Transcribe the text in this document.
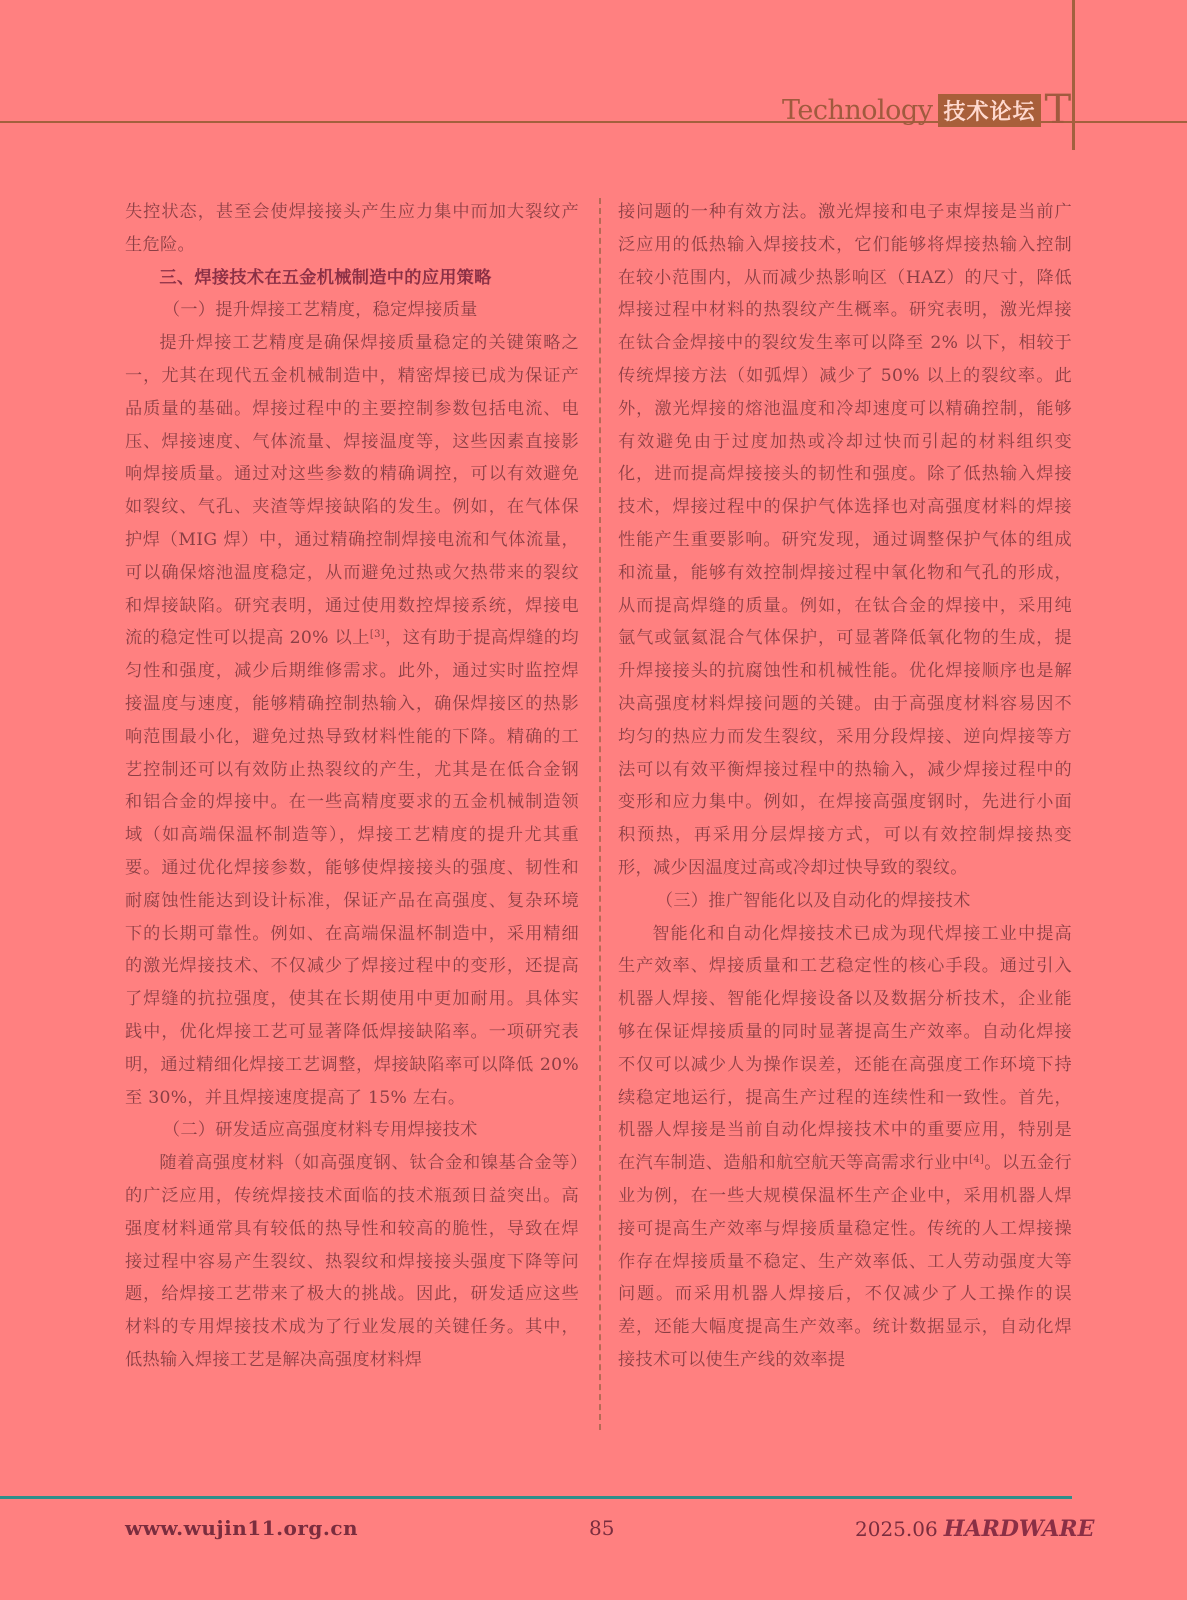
Technology 技术论坛 T

失控状态，甚至会使焊接接头产生应力集中而加大裂纹产生危险。

三、焊接技术在五金机械制造中的应用策略

（一）提升焊接工艺精度，稳定焊接质量

提升焊接工艺精度是确保焊接质量稳定的关键策略之一，尤其在现代五金机械制造中，精密焊接已成为保证产品质量的基础。焊接过程中的主要控制参数包括电流、电压、焊接速度、气体流量、焊接温度等，这些因素直接影响焊接质量。通过对这些参数的精确调控，可以有效避免如裂纹、气孔、夹渣等焊接缺陷的发生。例如，在气体保护焊（MIG 焊）中，通过精确控制焊接电流和气体流量，可以确保熔池温度稳定，从而避免过热或欠热带来的裂纹和焊接缺陷。研究表明，通过使用数控焊接系统，焊接电流的稳定性可以提高 20% 以上[3]，这有助于提高焊缝的均匀性和强度，减少后期维修需求。此外，通过实时监控焊接温度与速度，能够精确控制热输入，确保焊接区的热影响范围最小化，避免过热导致材料性能的下降。精确的工艺控制还可以有效防止热裂纹的产生，尤其是在低合金钢和铝合金的焊接中。在一些高精度要求的五金机械制造领域（如高端保温杯制造等），焊接工艺精度的提升尤其重要。通过优化焊接参数，能够使焊接接头的强度、韧性和耐腐蚀性能达到设计标准，保证产品在高强度、复杂环境下的长期可靠性。例如、在高端保温杯制造中，采用精细的激光焊接技术、不仅减少了焊接过程中的变形，还提高了焊缝的抗拉强度，使其在长期使用中更加耐用。具体实践中，优化焊接工艺可显著降低焊接缺陷率。一项研究表明，通过精细化焊接工艺调整，焊接缺陷率可以降低 20% 至 30%，并且焊接速度提高了 15% 左右。

（二）研发适应高强度材料专用焊接技术

随着高强度材料（如高强度钢、钛合金和镍基合金等）的广泛应用，传统焊接技术面临的技术瓶颈日益突出。高强度材料通常具有较低的热导性和较高的脆性，导致在焊接过程中容易产生裂纹、热裂纹和焊接接头强度下降等问题，给焊接工艺带来了极大的挑战。因此，研发适应这些材料的专用焊接技术成为了行业发展的关键任务。其中，低热输入焊接工艺是解决高强度材料焊

接问题的一种有效方法。激光焊接和电子束焊接是当前广泛应用的低热输入焊接技术，它们能够将焊接热输入控制在较小范围内，从而减少热影响区（HAZ）的尺寸，降低焊接过程中材料的热裂纹产生概率。研究表明，激光焊接在钛合金焊接中的裂纹发生率可以降至 2% 以下，相较于传统焊接方法（如弧焊）减少了 50% 以上的裂纹率。此外，激光焊接的熔池温度和冷却速度可以精确控制，能够有效避免由于过度加热或冷却过快而引起的材料组织变化，进而提高焊接接头的韧性和强度。除了低热输入焊接技术，焊接过程中的保护气体选择也对高强度材料的焊接性能产生重要影响。研究发现，通过调整保护气体的组成和流量，能够有效控制焊接过程中氧化物和气孔的形成，从而提高焊缝的质量。例如，在钛合金的焊接中，采用纯氩气或氩氦混合气体保护，可显著降低氧化物的生成，提升焊接接头的抗腐蚀性和机械性能。优化焊接顺序也是解决高强度材料焊接问题的关键。由于高强度材料容易因不均匀的热应力而发生裂纹，采用分段焊接、逆向焊接等方法可以有效平衡焊接过程中的热输入，减少焊接过程中的变形和应力集中。例如，在焊接高强度钢时，先进行小面积预热，再采用分层焊接方式，可以有效控制焊接热变形，减少因温度过高或冷却过快导致的裂纹。

（三）推广智能化以及自动化的焊接技术

智能化和自动化焊接技术已成为现代焊接工业中提高生产效率、焊接质量和工艺稳定性的核心手段。通过引入机器人焊接、智能化焊接设备以及数据分析技术，企业能够在保证焊接质量的同时显著提高生产效率。自动化焊接不仅可以减少人为操作误差，还能在高强度工作环境下持续稳定地运行，提高生产过程的连续性和一致性。首先，机器人焊接是当前自动化焊接技术中的重要应用，特别是在汽车制造、造船和航空航天等高需求行业中[4]。以五金行业为例，在一些大规模保温杯生产企业中，采用机器人焊接可提高生产效率与焊接质量稳定性。传统的人工焊接操作存在焊接质量不稳定、生产效率低、工人劳动强度大等问题。而采用机器人焊接后，不仅减少了人工操作的误差，还能大幅度提高生产效率。统计数据显示，自动化焊接技术可以使生产线的效率提

www.wujin11.org.cn	85	2025.06 HARDWARE
